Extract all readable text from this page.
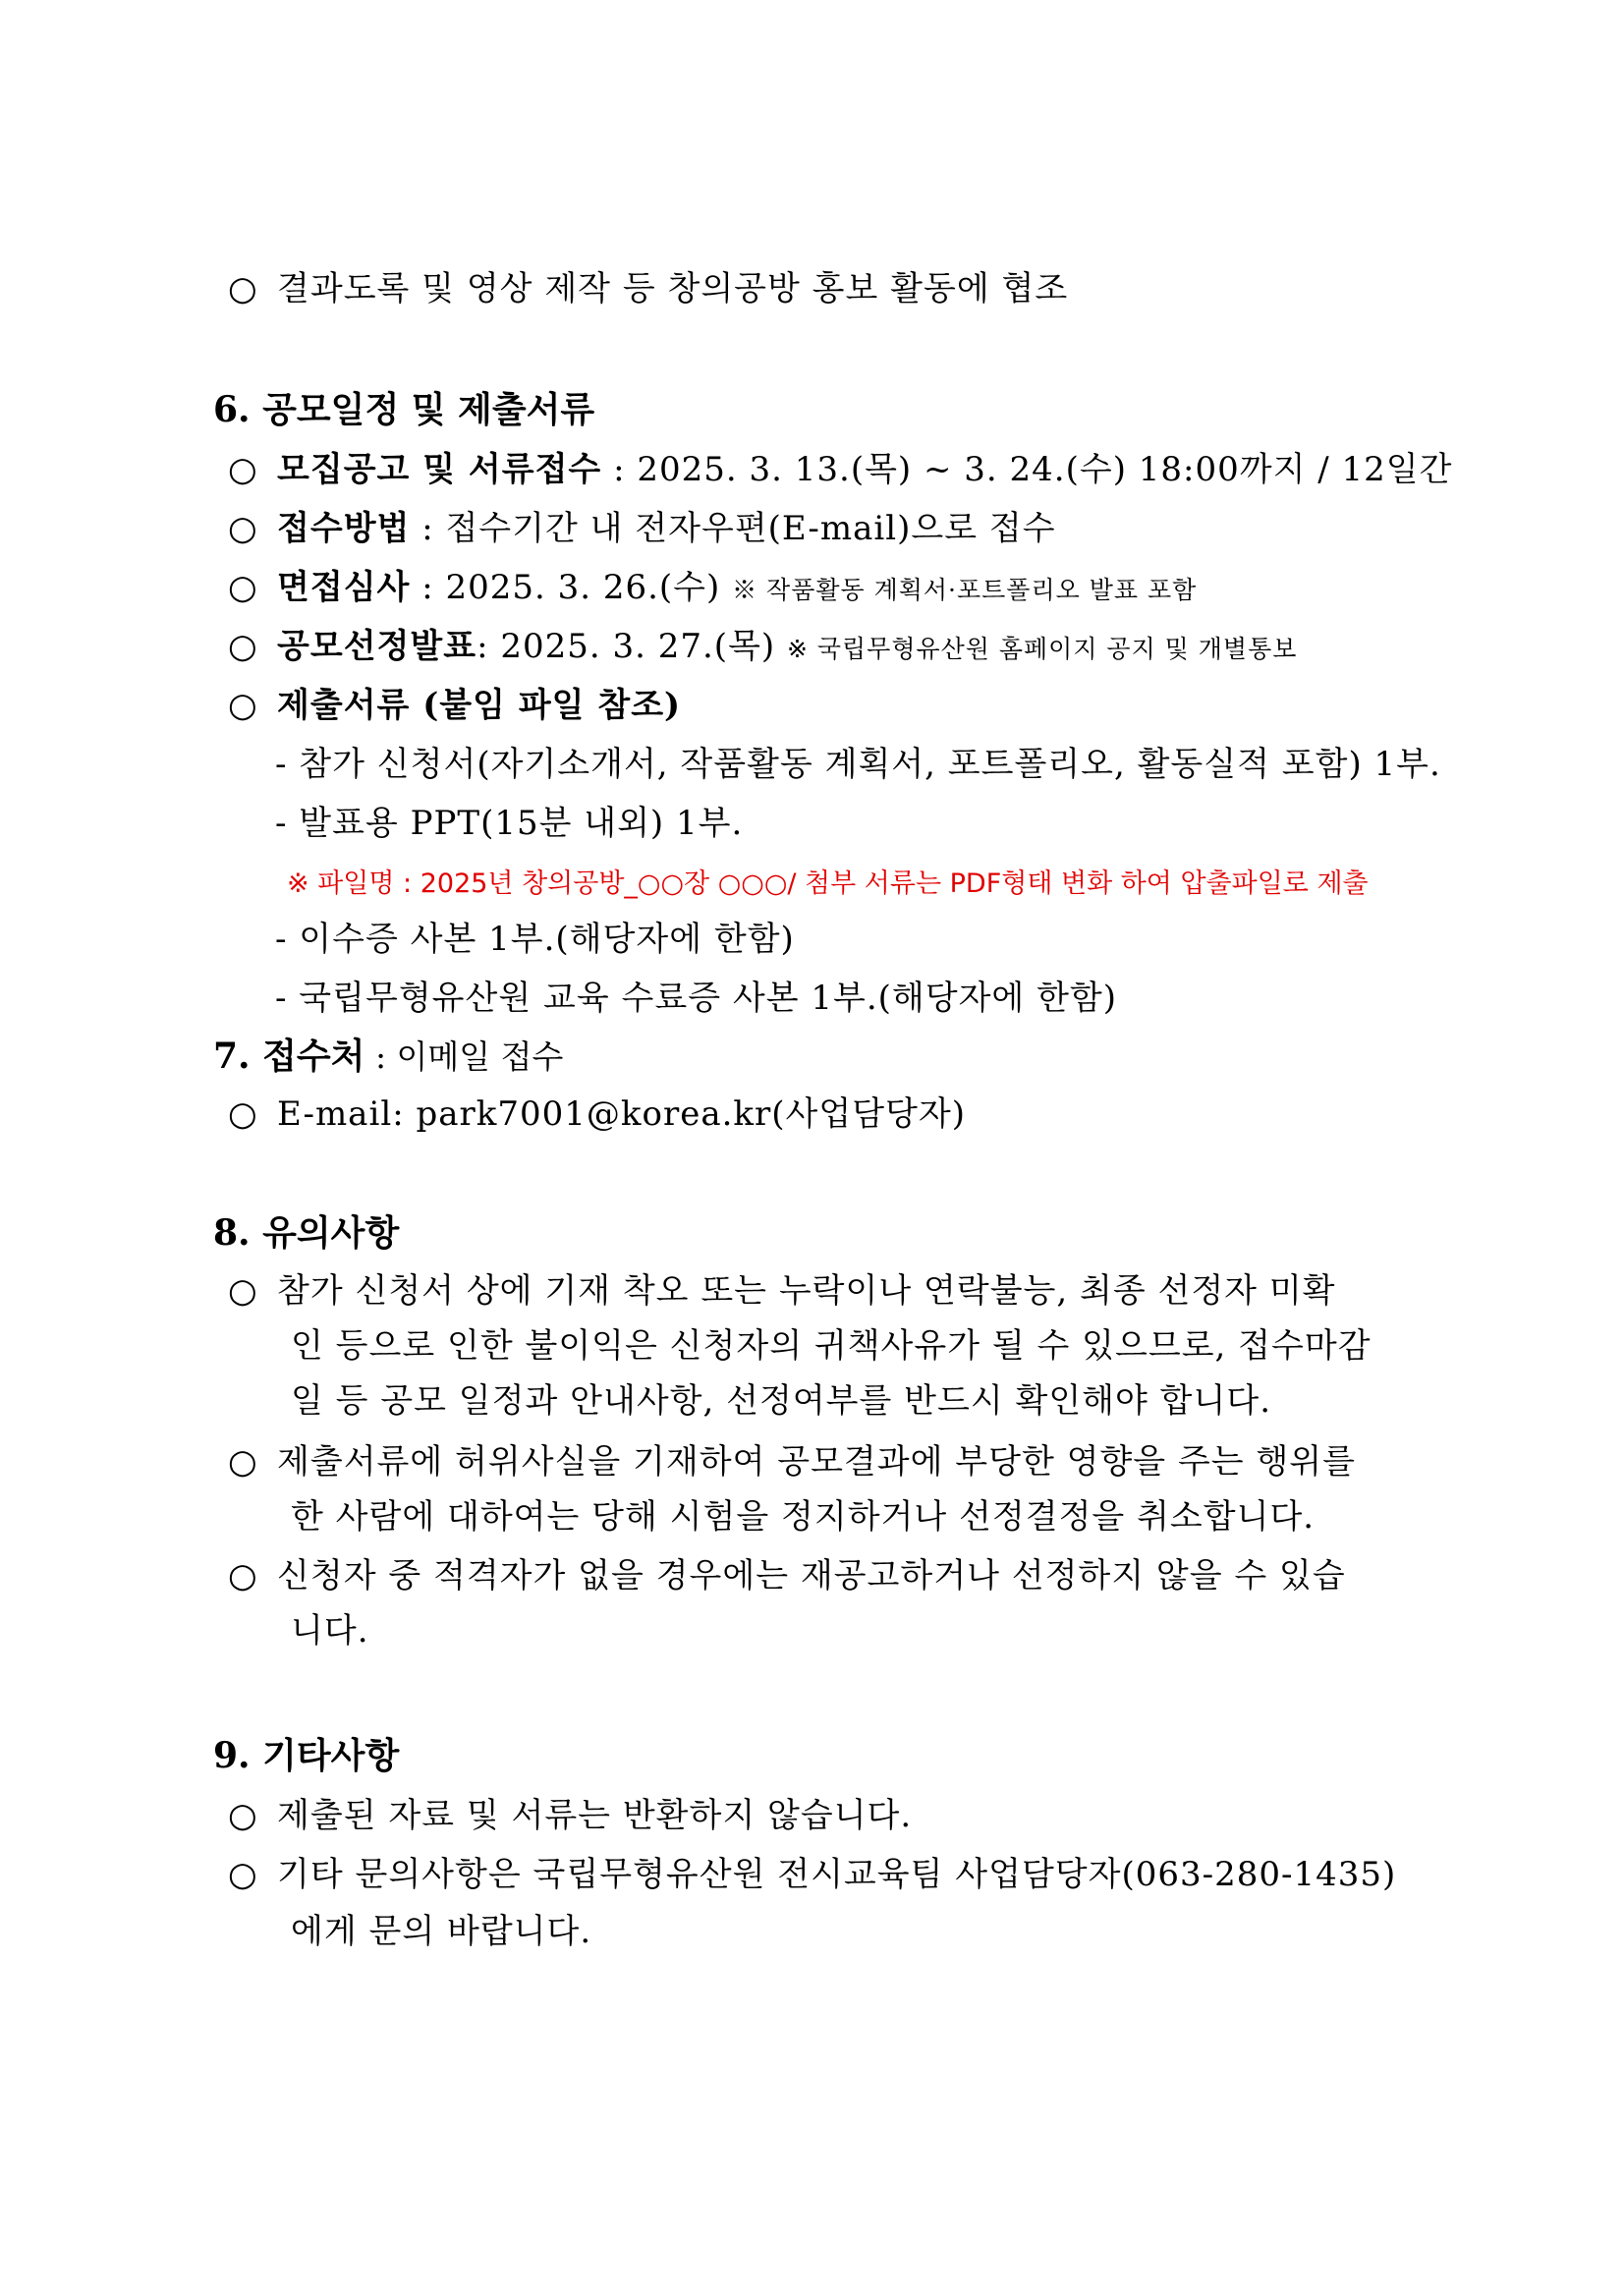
○ 결과도록 및 영상 제작 등 창의공방 홍보 활동에 협조
6. 공모일정 및 제출서류
○ 모집공고 및 서류접수 : 2025. 3. 13.(목) ~ 3. 24.(수) 18:00까지 / 12일간
○ 접수방법 : 접수기간 내 전자우편(E-mail)으로 접수
○ 면접심사 : 2025. 3. 26.(수) ※ 작품활동 계획서·포트폴리오 발표 포함
○ 공모선정발표: 2025. 3. 27.(목) ※ 국립무형유산원 홈페이지 공지 및 개별통보
○ 제출서류 (붙임 파일 참조)
- 참가 신청서(자기소개서, 작품활동 계획서, 포트폴리오, 활동실적 포함) 1부.
- 발표용 PPT(15분 내외) 1부.
※ 파일명 : 2025년 창의공방_○○장 ○○○/ 첨부 서류는 PDF형태 변화 하여 압출파일로 제출
- 이수증 사본 1부.(해당자에 한함)
- 국립무형유산원 교육 수료증 사본 1부.(해당자에 한함)
7. 접수처 : 이메일 접수
○ E-mail: park7001@korea.kr(사업담당자)
8. 유의사항
○ 참가 신청서 상에 기재 착오 또는 누락이나 연락불능, 최종 선정자 미확
인 등으로 인한 불이익은 신청자의 귀책사유가 될 수 있으므로, 접수마감
일 등 공모 일정과 안내사항, 선정여부를 반드시 확인해야 합니다.
○ 제출서류에 허위사실을 기재하여 공모결과에 부당한 영향을 주는 행위를
한 사람에 대하여는 당해 시험을 정지하거나 선정결정을 취소합니다.
○ 신청자 중 적격자가 없을 경우에는 재공고하거나 선정하지 않을 수 있습
니다.
9. 기타사항
○ 제출된 자료 및 서류는 반환하지 않습니다.
○ 기타 문의사항은 국립무형유산원 전시교육팀 사업담당자(063-280-1435)
에게 문의 바랍니다.
